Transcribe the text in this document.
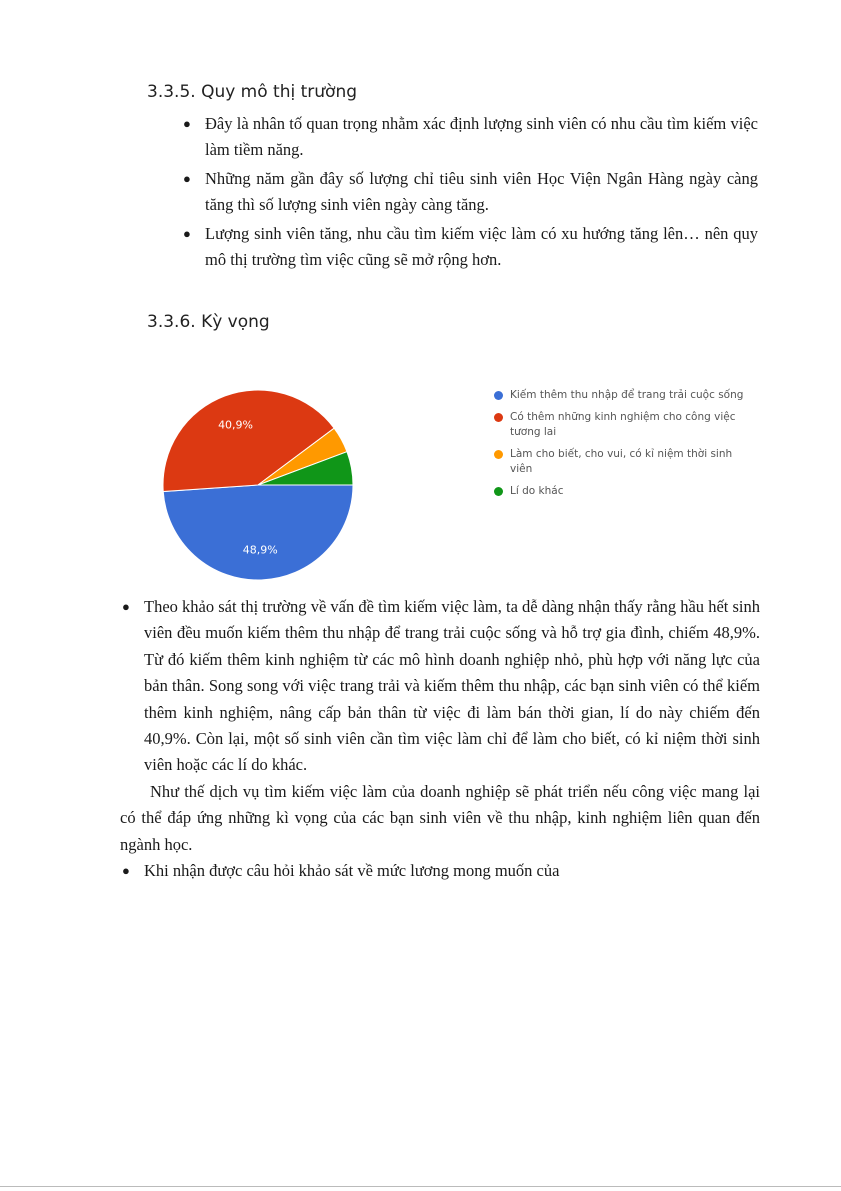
3.3.5. Quy mô thị trường
● Đây là nhân tố quan trọng nhằm xác định lượng sinh viên có nhu cầu tìm kiếm việc làm tiềm năng.
● Những năm gần đây số lượng chỉ tiêu sinh viên Học Viện Ngân Hàng ngày càng tăng thì số lượng sinh viên ngày càng tăng.
● Lượng sinh viên tăng, nhu cầu tìm kiếm việc làm có xu hướng tăng lên… nên quy mô thị trường tìm việc cũng sẽ mở rộng hơn.
3.3.6. Kỳ vọng
48,9%
40,9%
Kiếm thêm thu nhập để trang trải cuộc sống
Có thêm những kinh nghiệm cho công việc tương lai
Làm cho biết, cho vui, có kỉ niệm thời sinh viên
Lí do khác
● Theo khảo sát thị trường về vấn đề tìm kiếm việc làm, ta dễ dàng nhận thấy rằng hầu hết sinh viên đều muốn kiếm thêm thu nhập để trang trải cuộc sống và hỗ trợ gia đình, chiếm 48,9%. Từ đó kiếm thêm kinh nghiệm từ các mô hình doanh nghiệp nhỏ, phù hợp với năng lực của bản thân. Song song với việc trang trải và kiếm thêm thu nhập, các bạn sinh viên có thể kiếm thêm kinh nghiệm, nâng cấp bản thân từ việc đi làm bán thời gian, lí do này chiếm đến 40,9%. Còn lại, một số sinh viên cần tìm việc làm chỉ để làm cho biết, có kỉ niệm thời sinh viên hoặc các lí do khác.
Như thế dịch vụ tìm kiếm việc làm của doanh nghiệp sẽ phát triển nếu công việc mang lại có thể đáp ứng những kì vọng của các bạn sinh viên về thu nhập, kinh nghiệm liên quan đến ngành học.
● Khi nhận được câu hỏi khảo sát về mức lương mong muốn của
